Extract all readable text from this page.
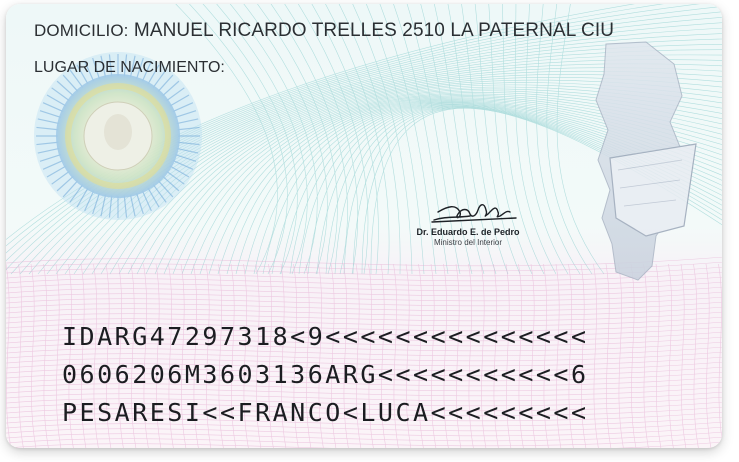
DOMICILIO: MANUEL RICARDO TRELLES 2510 LA PATERNAL CIU
LUGAR DE NACIMIENTO:
Dr. Eduardo E. de Pedro
Ministro del Interior
IDARG47297318<9<<<<<<<<<<<<<<<
0606206M3603136ARG<<<<<<<<<<<6
PESARESI<<FRANCO<LUCA<<<<<<<<<
